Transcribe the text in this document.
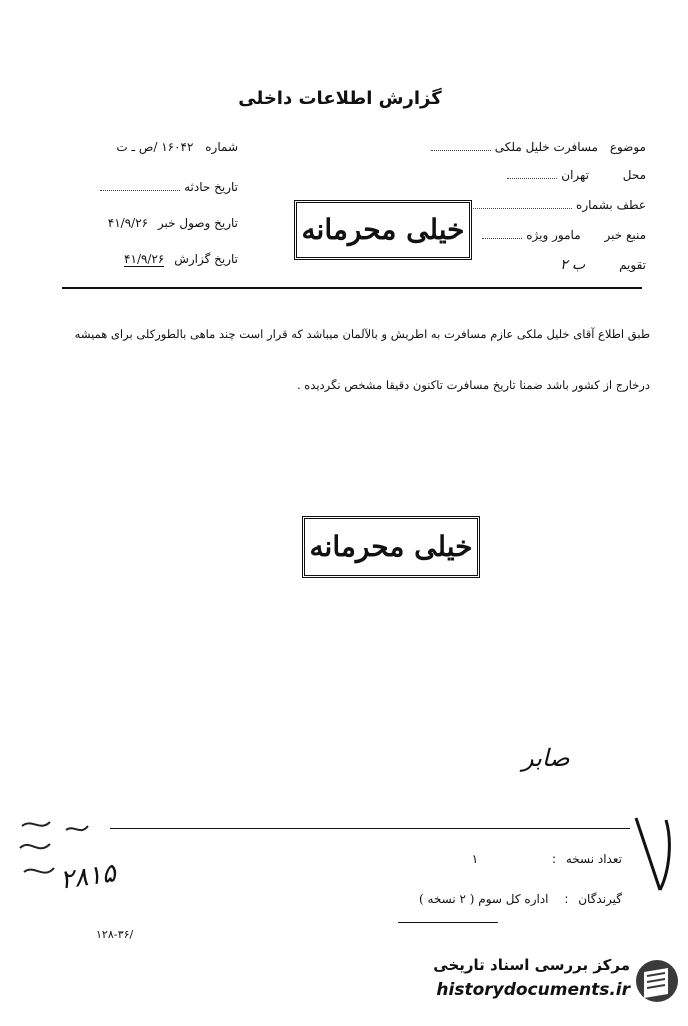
گزارش اطلاعات داخلی
موضوع مسافرت خلیل ملکی
محل تهران
عطف بشماره
منبع خبر مامور ویژه
تقویم ب ۲
شماره ۱۶۰۴۲ /ص ـ ت
تاریخ حادثه
تاریخ وصول خبر ۴۱/۹/۲۶
تاریخ گزارش ۴۱/۹/۲۶
خیلی محرمانه
طبق اطلاع آقای خلیل ملکی عازم مسافرت به اطریش و بالآلمان میباشد که قرار است چند ماهی بالطورکلی برای همیشه
درخارج از کشور باشد ضمنا تاریخ مسافرت تاکنون دقیقا مشخص نگردیده .
خیلی محرمانه
صابر
تعداد نسخه : ۱
گیرندگان : اداره کل سوم ( ۲ نسخه )
۲۸۱۵
۱۲۸-۳۶/
مرکز بررسی اسناد تاریخی
historydocuments.ir
